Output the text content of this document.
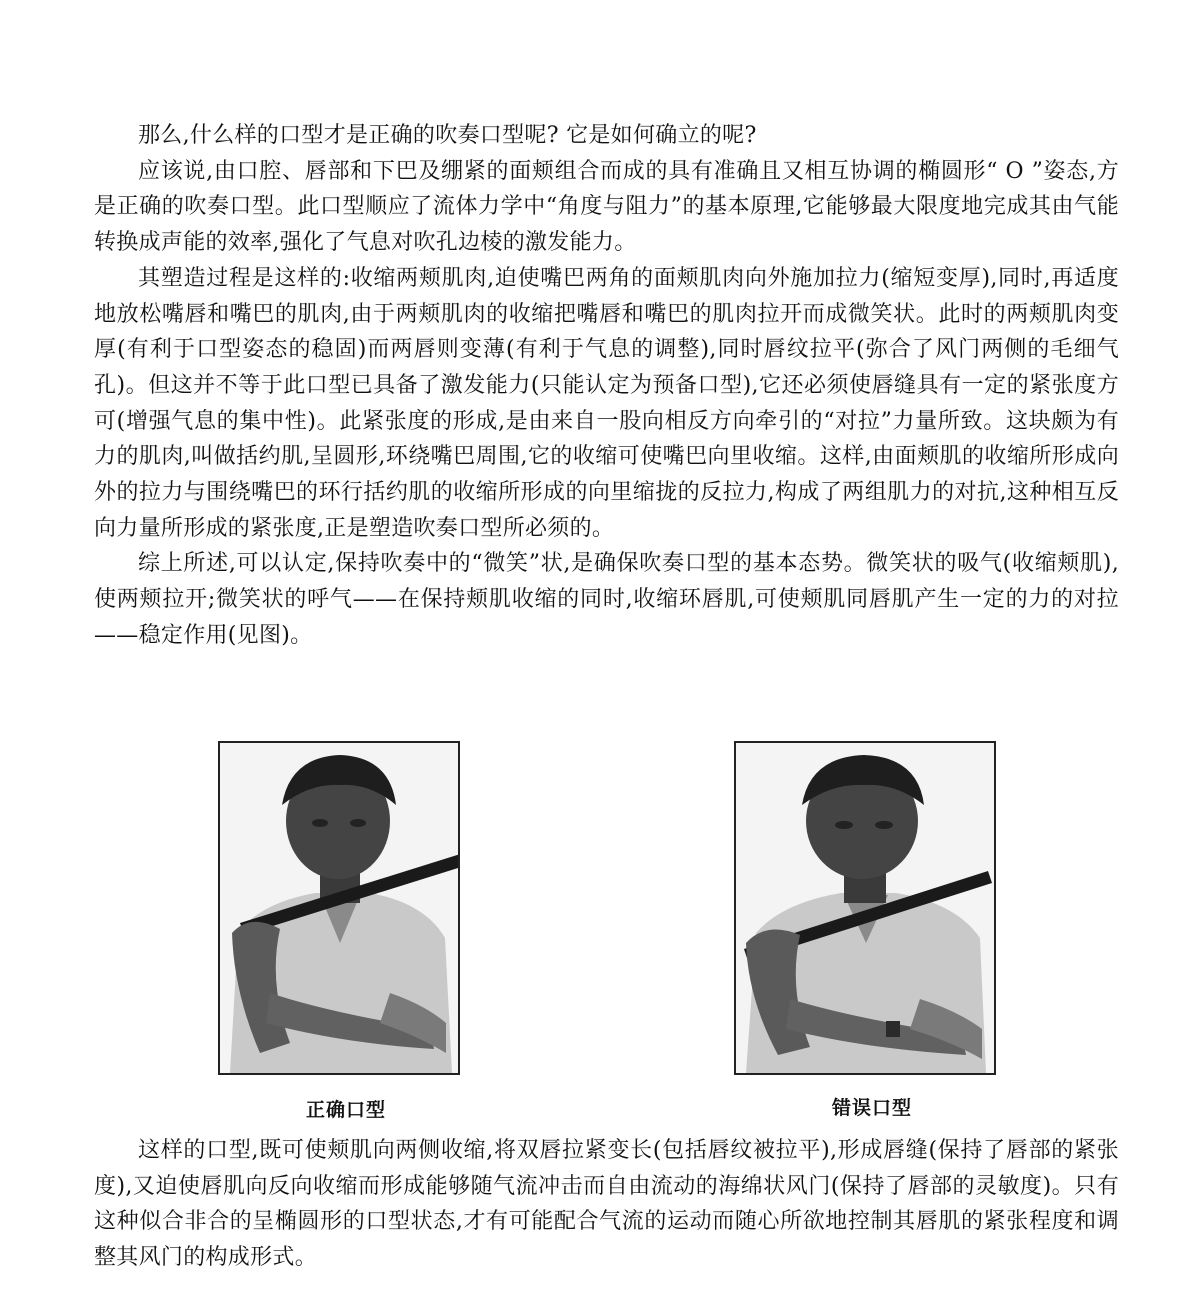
那么,什么样的口型才是正确的吹奏口型呢? 它是如何确立的呢?

应该说,由口腔、唇部和下巴及绷紧的面颊组合而成的具有准确且又相互协调的椭圆形“ O ”姿态,方是正确的吹奏口型。此口型顺应了流体力学中“角度与阻力”的基本原理,它能够最大限度地完成其由气能转换成声能的效率,强化了气息对吹孔边棱的激发能力。

其塑造过程是这样的:收缩两颊肌肉,迫使嘴巴两角的面颊肌肉向外施加拉力(缩短变厚),同时,再适度地放松嘴唇和嘴巴的肌肉,由于两颊肌肉的收缩把嘴唇和嘴巴的肌肉拉开而成微笑状。此时的两颊肌肉变厚(有利于口型姿态的稳固)而两唇则变薄(有利于气息的调整),同时唇纹拉平(弥合了风门两侧的毛细气孔)。但这并不等于此口型已具备了激发能力(只能认定为预备口型),它还必须使唇缝具有一定的紧张度方可(增强气息的集中性)。此紧张度的形成,是由来自一股向相反方向牵引的“对拉”力量所致。这块颇为有力的肌肉,叫做括约肌,呈圆形,环绕嘴巴周围,它的收缩可使嘴巴向里收缩。这样,由面颊肌的收缩所形成向外的拉力与围绕嘴巴的环行括约肌的收缩所形成的向里缩拢的反拉力,构成了两组肌力的对抗,这种相互反向力量所形成的紧张度,正是塑造吹奏口型所必须的。

综上所述,可以认定,保持吹奏中的“微笑”状,是确保吹奏口型的基本态势。微笑状的吸气(收缩颊肌),使两颊拉开;微笑状的呼气——在保持颊肌收缩的同时,收缩环唇肌,可使颊肌同唇肌产生一定的力的对拉——稳定作用(见图)。

正确口型	错误口型

这样的口型,既可使颊肌向两侧收缩,将双唇拉紧变长(包括唇纹被拉平),形成唇缝(保持了唇部的紧张度),又迫使唇肌向反向收缩而形成能够随气流冲击而自由流动的海绵状风门(保持了唇部的灵敏度)。只有这种似合非合的呈椭圆形的口型状态,才有可能配合气流的运动而随心所欲地控制其唇肌的紧张程度和调整其风门的构成形式。
